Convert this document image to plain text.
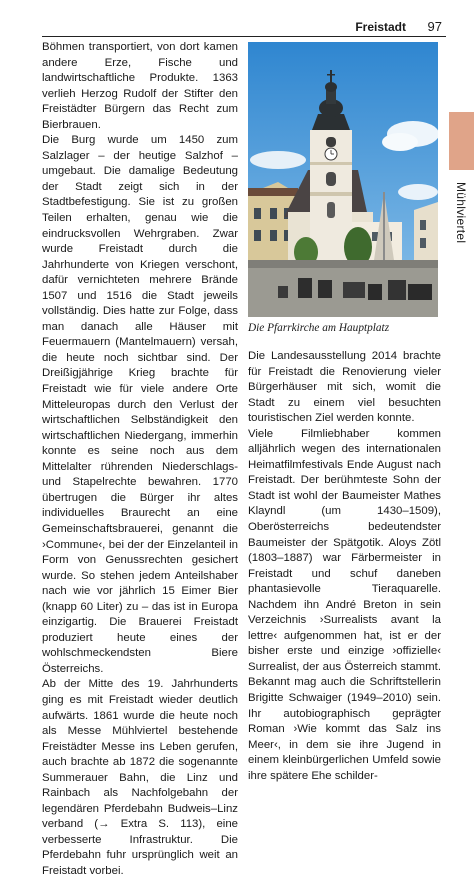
Freistadt 97
Mühlviertel

Böhmen transportiert, von dort kamen andere Erze, Fische und landwirtschaftliche Produkte. 1363 verlieh Herzog Rudolf der Stifter den Freistädter Bürgern das Recht zum Bierbrauen.

Die Burg wurde um 1450 zum Salzlager – der heutige Salzhof – umgebaut. Die damalige Bedeutung der Stadt zeigt sich in der Stadtbefestigung. Sie ist zu großen Teilen erhalten, genau wie die eindrucksvollen Wehrgraben. Zwar wurde Freistadt durch die Jahrhunderte von Kriegen verschont, dafür vernichteten mehrere Brände 1507 und 1516 die Stadt jeweils vollständig. Dies hatte zur Folge, dass man danach alle Häuser mit Feuermauern (Mantelmauern) versah, die heute noch sichtbar sind. Der Dreißigjährige Krieg brachte für Freistadt wie für viele andere Orte Mitteleuropas durch den Verlust der wirtschaftlichen Selbständigkeit den wirtschaftlichen Niedergang, immerhin konnte es seine noch aus dem Mittelalter rührenden Niederschlags- und Stapelrechte bewahren. 1770 übertrugen die Bürger ihr altes individuelles Braurecht an eine Gemeinschaftsbrauerei, genannt die ›Commune‹, bei der der Einzelanteil in Form von Genussrechten gesichert wurde. So stehen jedem Anteilshaber nach wie vor jährlich 15 Eimer Bier (knapp 60 Liter) zu – das ist in Europa einzigartig. Die Brauerei Freistadt produziert heute eines der wohlschmeckendsten Biere Österreichs.

Ab der Mitte des 19. Jahrhunderts ging es mit Freistadt wieder deutlich aufwärts. 1861 wurde die heute noch als Messe Mühlviertel bestehende Freistädter Messe ins Leben gerufen, auch brachte ab 1872 die sogenannte Summerauer Bahn, die Linz und Rainbach als Nachfolgebahn der legendären Pferdebahn Budweis–Linz verband (→ Extra S. 113), eine verbesserte Infrastruktur. Die Pferdebahn fuhr ursprünglich weit an Freistadt vorbei.

Die Pfarrkirche am Hauptplatz

Die Landesausstellung 2014 brachte für Freistadt die Renovierung vieler Bürgerhäuser mit sich, womit die Stadt zu einem viel besuchten touristischen Ziel werden konnte.

Viele Filmliebhaber kommen alljährlich wegen des internationalen Heimatfilmfestivals Ende August nach Freistadt. Der berühmteste Sohn der Stadt ist wohl der Baumeister Mathes Klayndl (um 1430–1509), Oberösterreichs bedeutendster Baumeister der Spätgotik. Aloys Zötl (1803–1887) war Färbermeister in Freistadt und schuf daneben phantasievolle Tieraquarelle. Nachdem ihn André Breton in sein Verzeichnis ›Surrealists avant la lettre‹ aufgenommen hat, ist er der bisher erste und einzige ›offizielle‹ Surrealist, der aus Österreich stammt. Bekannt mag auch die Schriftstellerin Brigitte Schwaiger (1949–2010) sein. Ihr autobiographisch geprägter Roman ›Wie kommt das Salz ins Meer‹, in dem sie ihre Jugend in einem kleinbürgerlichen Umfeld sowie ihre spätere Ehe schilder-
